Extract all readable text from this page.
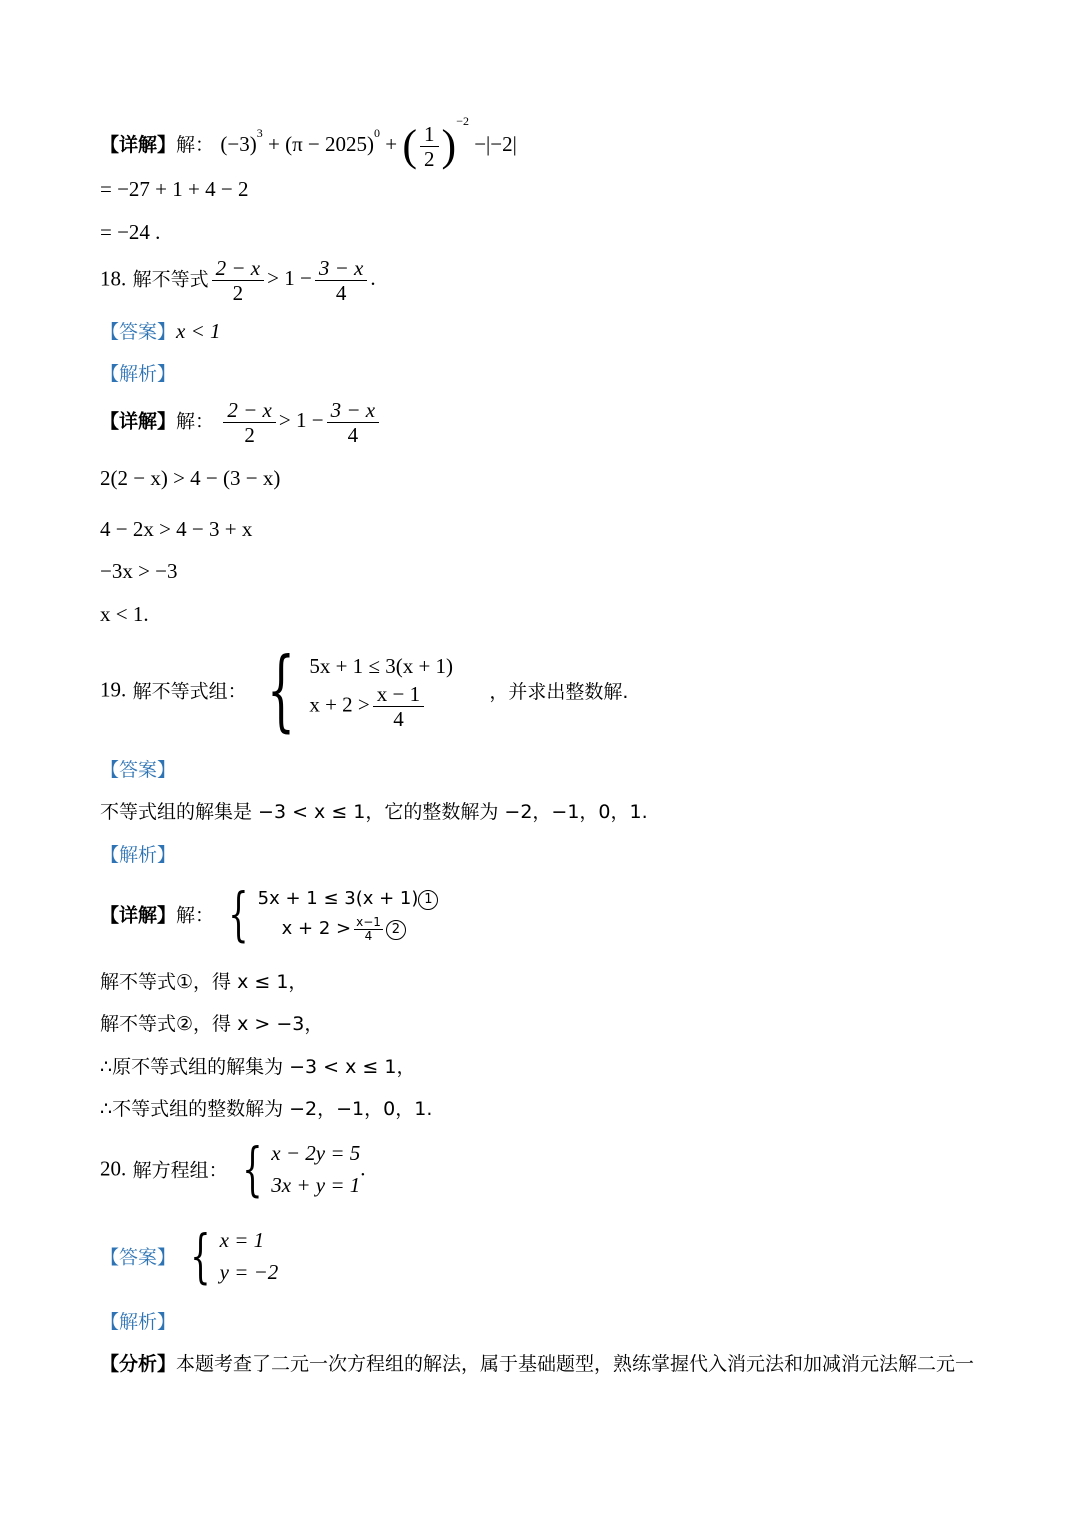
【详解】解： $(-3)^3 + (\pi - 2025)^0$ + ( $\frac{1}{2} )^{-2} -|-2|$
= −27 + 1 + 4 − 2
= −24 .
18. 解不等式 $\frac{2 - x}{2} > 1 - \frac{3 - x}{4}$ .
【答案】x < 1
【解析】
【详解】解： $\frac{2 - x}{2} > 1 - \frac{3 - x}{4}$
2(2 − x) > 4 − (3 − x)
4 − 2x > 4 − 3 + x
−3x > −3
x < 1.
19. 解不等式组： { 5x + 1 ≤ 3(x + 1)
$x + 2 > \frac{x - 1}{4}$	，并求出整数解.
【答案】
不等式组的解集是 −3 < x ≤ 1，它的整数解为 −2，−1，0，1.
【解析】
【详解】解： { 5x + 1 ≤ 3(x + 1) 1
$x + 2 > \frac{x-1}{4} 2$
解不等式①，得 x ≤ 1，
解不等式②，得 x > −3，
∴原不等式组的解集为 −3 < x ≤ 1，
∴不等式组的整数解为 −2，−1，0，1.
20. 解方程组： { x − 2y = 5
3x + y = 1
.
【答案】 { x = 1
y = −2
【解析】
【分析】本题考查了二元一次方程组的解法，属于基础题型，熟练掌握代入消元法和加减消元法解二元一
